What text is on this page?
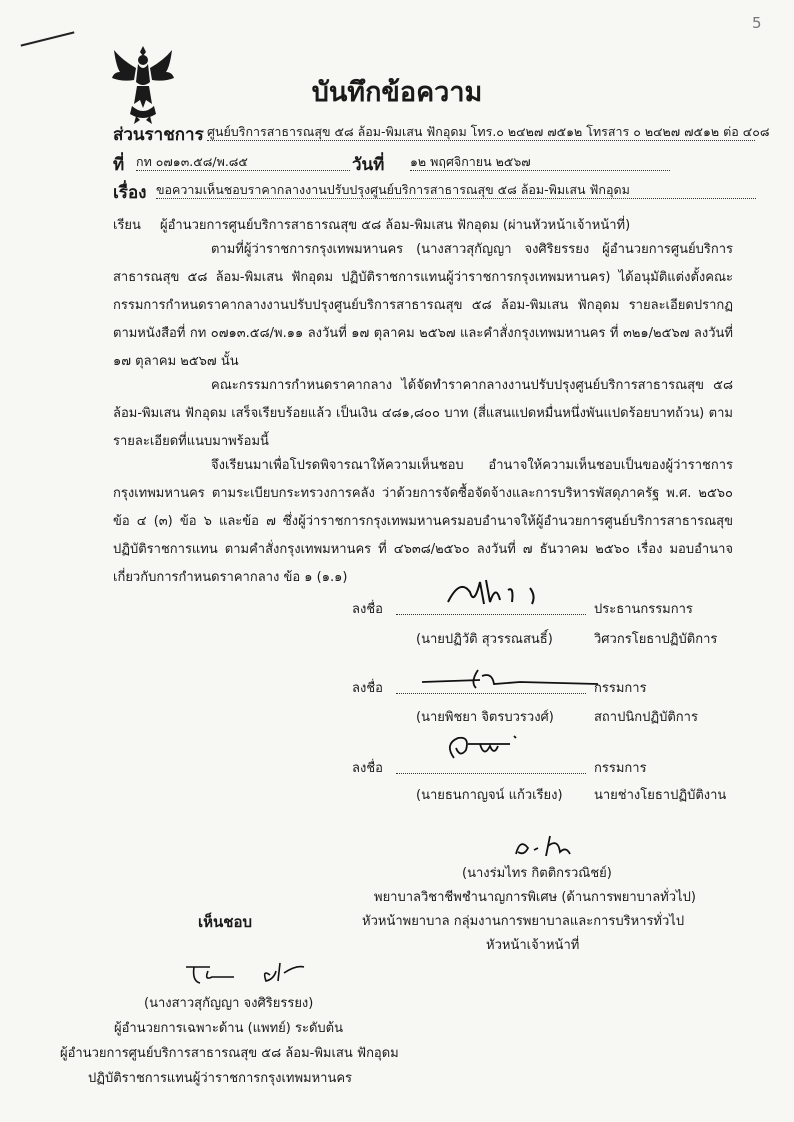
5
บันทึกข้อความ
ส่วนราชการ ศูนย์บริการสาธารณสุข ๕๘ ล้อม-พิมเสน ฟักอุดม โทร.๐ ๒๔๒๗ ๗๕๑๒ โทรสาร ๐ ๒๔๒๗ ๗๕๑๒ ต่อ ๔๐๘
ที่ กท ๐๗๑๓.๕๘/พ.๘๕	วันที่ ๑๒ พฤศจิกายน ๒๕๖๗
เรื่อง ขอความเห็นชอบราคากลางงานปรับปรุงศูนย์บริการสาธารณสุข ๕๘ ล้อม-พิมเสน ฟักอุดม
เรียน ผู้อำนวยการศูนย์บริการสาธารณสุข ๕๘ ล้อม-พิมเสน ฟักอุดม (ผ่านหัวหน้าเจ้าหน้าที่)
ตามที่ผู้ว่าราชการกรุงเทพมหานคร (นางสาวสุกัญญา จงศิริยรรยง ผู้อำนวยการศูนย์บริการสาธารณสุข ๕๘ ล้อม-พิมเสน ฟักอุดม ปฏิบัติราชการแทนผู้ว่าราชการกรุงเทพมหานคร) ได้อนุมัติแต่งตั้งคณะกรรมการกำหนดราคากลางงานปรับปรุงศูนย์บริการสาธารณสุข ๕๘ ล้อม-พิมเสน ฟักอุดม รายละเอียดปรากฏตามหนังสือที่ กท ๐๗๑๓.๕๘/พ.๑๑ ลงวันที่ ๑๗ ตุลาคม ๒๕๖๗ และคำสั่งกรุงเทพมหานคร ที่ ๓๒๑/๒๕๖๗ ลงวันที่ ๑๗ ตุลาคม ๒๕๖๗ นั้น
คณะกรรมการกำหนดราคากลาง ได้จัดทำราคากลางงานปรับปรุงศูนย์บริการสาธารณสุข ๕๘ ล้อม-พิมเสน ฟักอุดม เสร็จเรียบร้อยแล้ว เป็นเงิน ๔๘๑,๘๐๐ บาท (สี่แสนแปดหมื่นหนึ่งพันแปดร้อยบาทถ้วน) ตามรายละเอียดที่แนบมาพร้อมนี้
จึงเรียนมาเพื่อโปรดพิจารณาให้ความเห็นชอบ อำนาจให้ความเห็นชอบเป็นของผู้ว่าราชการกรุงเทพมหานคร ตามระเบียบกระทรวงการคลัง ว่าด้วยการจัดซื้อจัดจ้างและการบริหารพัสดุภาครัฐ พ.ศ. ๒๕๖๐ ข้อ ๔ (๓) ข้อ ๖ และข้อ ๗ ซึ่งผู้ว่าราชการกรุงเทพมหานครมอบอำนาจให้ผู้อำนวยการศูนย์บริการสาธารณสุขปฏิบัติราชการแทน ตามคำสั่งกรุงเทพมหานคร ที่ ๔๖๓๘/๒๕๖๐ ลงวันที่ ๗ ธันวาคม ๒๕๖๐ เรื่อง มอบอำนาจเกี่ยวกับการกำหนดราคากลาง ข้อ ๑ (๑.๑)
ลงชื่อ	ประธานกรรมการ
(นายปฏิวัติ สุวรรณสนธิ์)	วิศวกรโยธาปฏิบัติการ
ลงชื่อ	กรรมการ
(นายพิชยา จิตรบวรวงศ์)	สถาปนิกปฏิบัติการ
ลงชื่อ	กรรมการ
(นายธนกาญจน์ แก้วเรียง) นายช่างโยธาปฏิบัติงาน
(นางร่มไทร กิตติกรวณิชย์)
พยาบาลวิชาชีพชำนาญการพิเศษ (ด้านการพยาบาลทั่วไป)
หัวหน้าพยาบาล กลุ่มงานการพยาบาลและการบริหารทั่วไป
หัวหน้าเจ้าหน้าที่
เห็นชอบ
(นางสาวสุกัญญา จงศิริยรรยง)
ผู้อำนวยการเฉพาะด้าน (แพทย์) ระดับต้น
ผู้อำนวยการศูนย์บริการสาธารณสุข ๕๘ ล้อม-พิมเสน ฟักอุดม
ปฏิบัติราชการแทนผู้ว่าราชการกรุงเทพมหานคร
